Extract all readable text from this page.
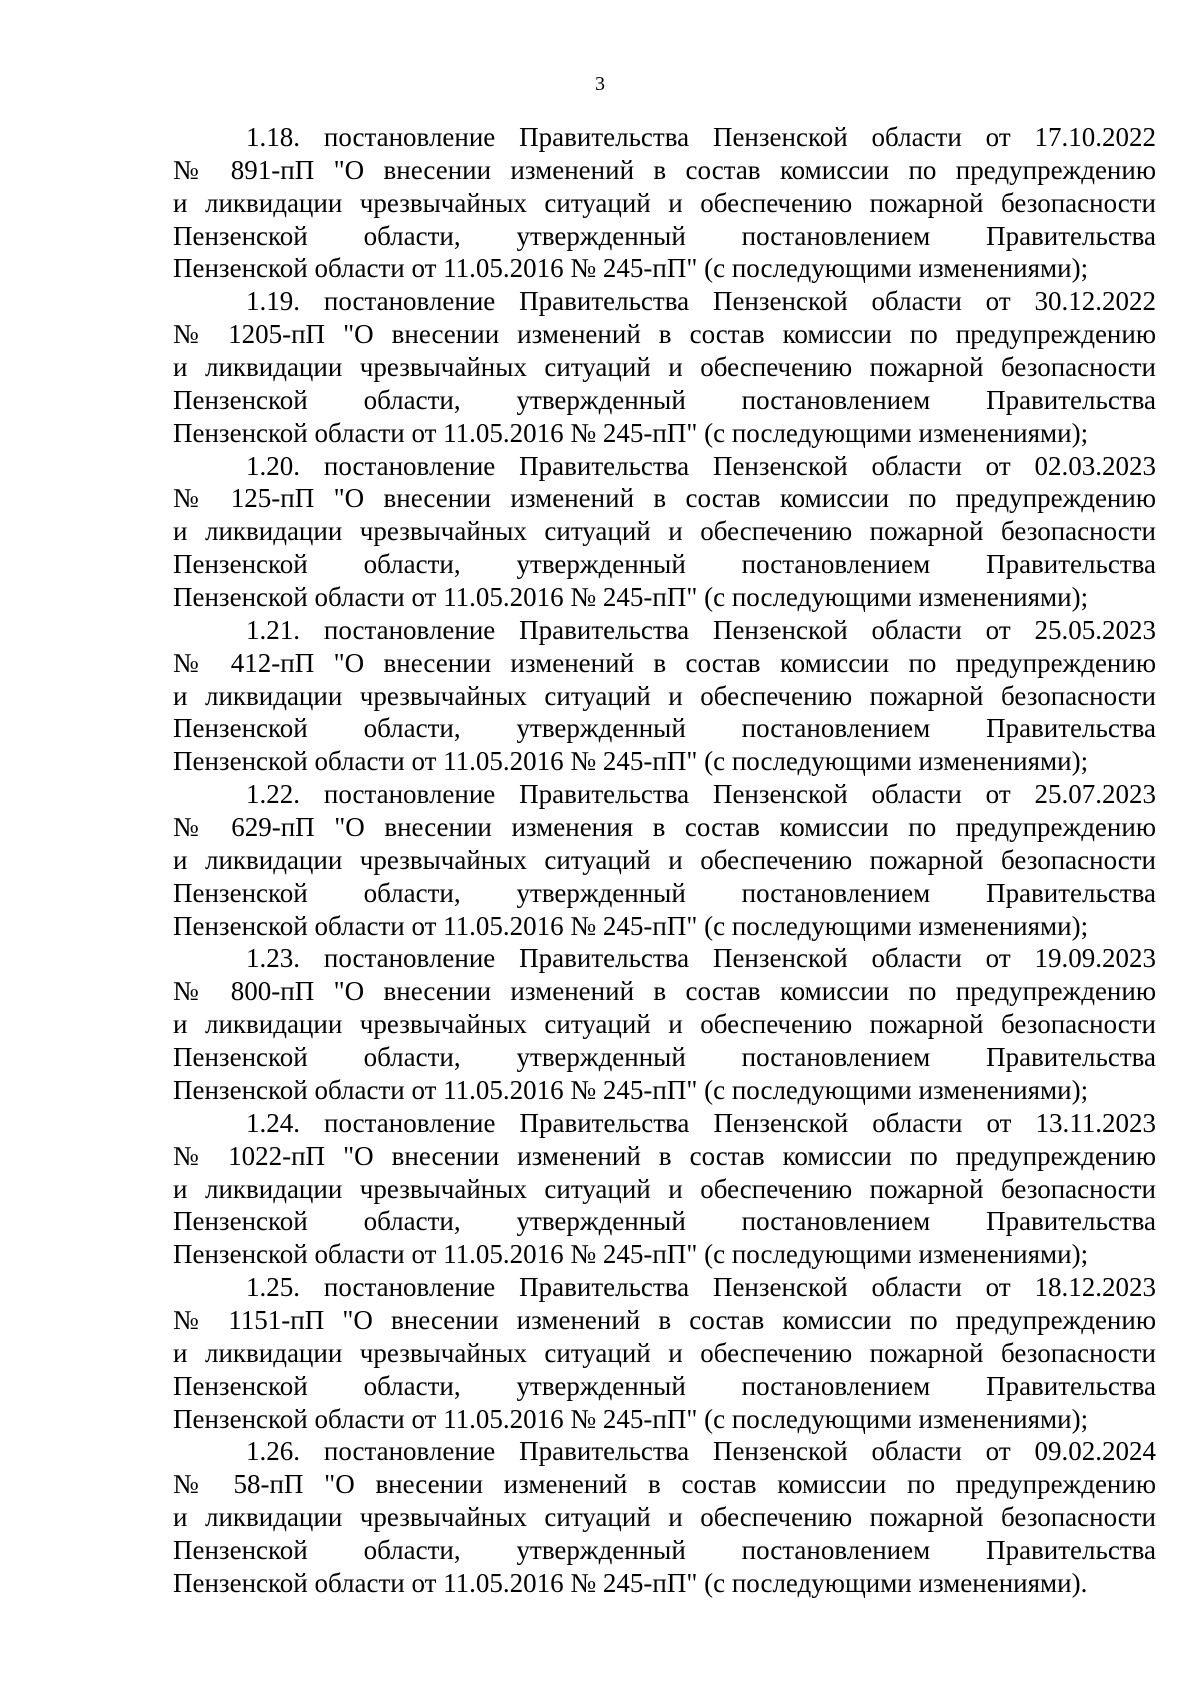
3
1.18. постановление Правительства Пензенской области от 17.10.2022
№ 891-пП "О внесении изменений в состав комиссии по предупреждению
и ликвидации чрезвычайных ситуаций и обеспечению пожарной безопасности
Пензенской области, утвержденный постановлением Правительства
Пензенской области от 11.05.2016 № 245-пП" (с последующими изменениями);
1.19. постановление Правительства Пензенской области от 30.12.2022
№ 1205-пП "О внесении изменений в состав комиссии по предупреждению
и ликвидации чрезвычайных ситуаций и обеспечению пожарной безопасности
Пензенской области, утвержденный постановлением Правительства
Пензенской области от 11.05.2016 № 245-пП" (с последующими изменениями);
1.20. постановление Правительства Пензенской области от 02.03.2023
№ 125-пП "О внесении изменений в состав комиссии по предупреждению
и ликвидации чрезвычайных ситуаций и обеспечению пожарной безопасности
Пензенской области, утвержденный постановлением Правительства
Пензенской области от 11.05.2016 № 245-пП" (с последующими изменениями);
1.21. постановление Правительства Пензенской области от 25.05.2023
№ 412-пП "О внесении изменений в состав комиссии по предупреждению
и ликвидации чрезвычайных ситуаций и обеспечению пожарной безопасности
Пензенской области, утвержденный постановлением Правительства
Пензенской области от 11.05.2016 № 245-пП" (с последующими изменениями);
1.22. постановление Правительства Пензенской области от 25.07.2023
№ 629-пП "О внесении изменения в состав комиссии по предупреждению
и ликвидации чрезвычайных ситуаций и обеспечению пожарной безопасности
Пензенской области, утвержденный постановлением Правительства
Пензенской области от 11.05.2016 № 245-пП" (с последующими изменениями);
1.23. постановление Правительства Пензенской области от 19.09.2023
№ 800-пП "О внесении изменений в состав комиссии по предупреждению
и ликвидации чрезвычайных ситуаций и обеспечению пожарной безопасности
Пензенской области, утвержденный постановлением Правительства
Пензенской области от 11.05.2016 № 245-пП" (с последующими изменениями);
1.24. постановление Правительства Пензенской области от 13.11.2023
№ 1022-пП "О внесении изменений в состав комиссии по предупреждению
и ликвидации чрезвычайных ситуаций и обеспечению пожарной безопасности
Пензенской области, утвержденный постановлением Правительства
Пензенской области от 11.05.2016 № 245-пП" (с последующими изменениями);
1.25. постановление Правительства Пензенской области от 18.12.2023
№ 1151-пП "О внесении изменений в состав комиссии по предупреждению
и ликвидации чрезвычайных ситуаций и обеспечению пожарной безопасности
Пензенской области, утвержденный постановлением Правительства
Пензенской области от 11.05.2016 № 245-пП" (с последующими изменениями);
1.26. постановление Правительства Пензенской области от 09.02.2024
№ 58-пП "О внесении изменений в состав комиссии по предупреждению
и ликвидации чрезвычайных ситуаций и обеспечению пожарной безопасности
Пензенской области, утвержденный постановлением Правительства
Пензенской области от 11.05.2016 № 245-пП" (с последующими изменениями).
